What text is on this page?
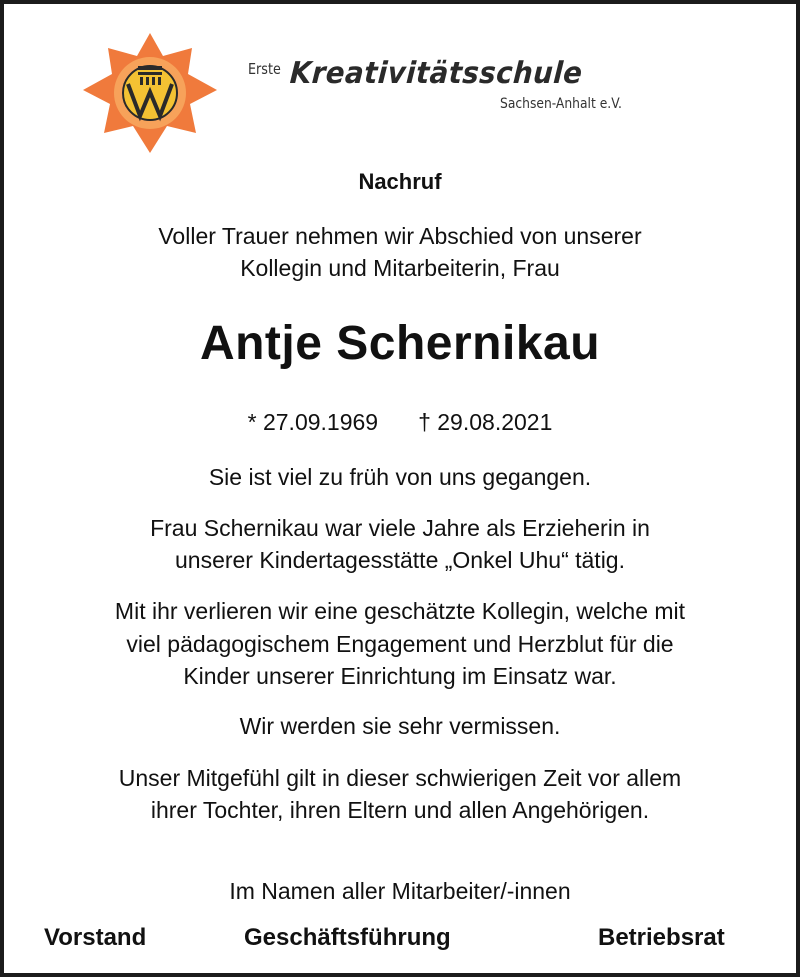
Erste Kreativitätsschule
Sachsen-Anhalt e.V.
Nachruf
Voller Trauer nehmen wir Abschied von unserer
Kollegin und Mitarbeiterin, Frau
Antje Schernikau
* 27.09.1969 † 29.08.2021
Sie ist viel zu früh von uns gegangen.
Frau Schernikau war viele Jahre als Erzieherin in
unserer Kindertagesstätte „Onkel Uhu“ tätig.
Mit ihr verlieren wir eine geschätzte Kollegin, welche mit
viel pädagogischem Engagement und Herzblut für die
Kinder unserer Einrichtung im Einsatz war.
Wir werden sie sehr vermissen.
Unser Mitgefühl gilt in dieser schwierigen Zeit vor allem
ihrer Tochter, ihren Eltern und allen Angehörigen.
Im Namen aller Mitarbeiter/-innen
Vorstand	Geschäftsführung	Betriebsrat
